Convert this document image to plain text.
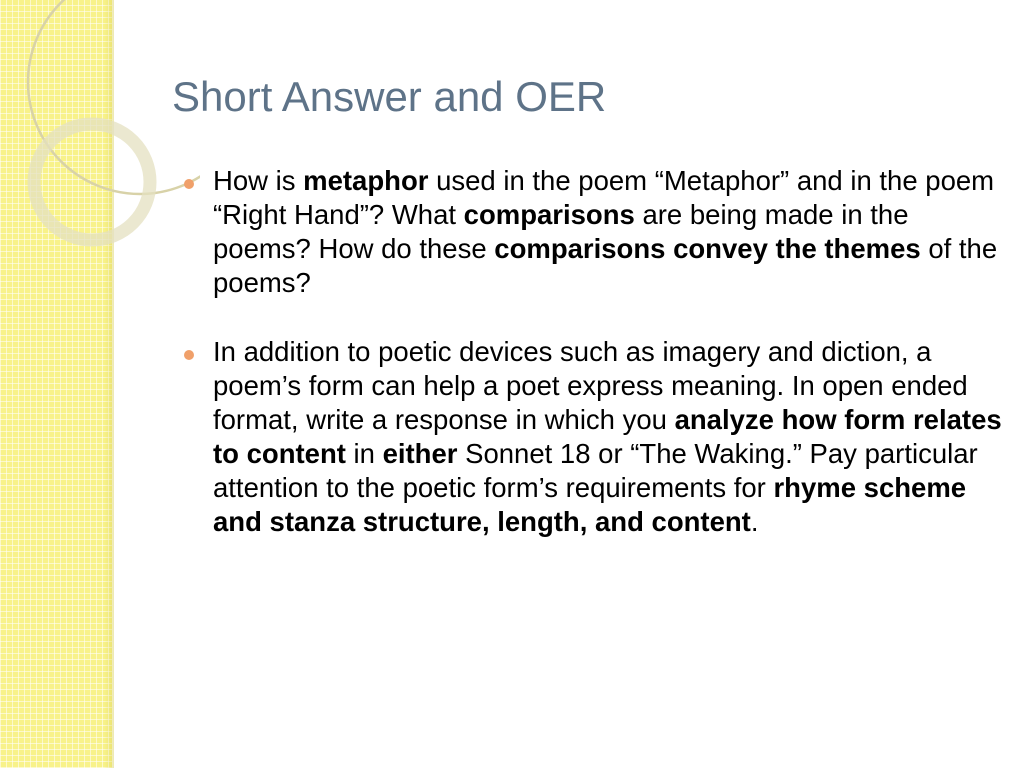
Short Answer and OER
How is metaphor used in the poem “Metaphor” and in the poem “Right Hand”? What comparisons are being made in the poems? How do these comparisons convey the themes of the poems?
In addition to poetic devices such as imagery and diction, a poem’s form can help a poet express meaning. In open ended format, write a response in which you analyze how form relates to content in either Sonnet 18 or “The Waking.” Pay particular attention to the poetic form’s requirements for rhyme scheme and stanza structure, length, and content.
